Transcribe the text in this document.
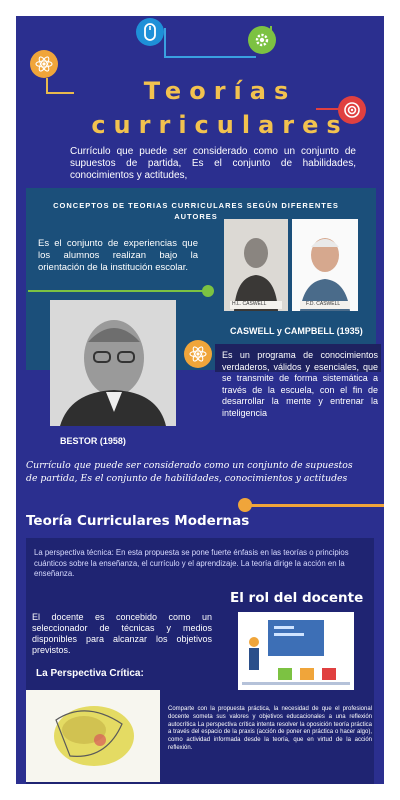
Teorías
curriculares
Currículo que puede ser considerado como un conjunto de supuestos de partida, Es el conjunto de habilidades, conocimientos y actitudes,
CONCEPTOS DE TEORIAS CURRICULARES SEGÚN DIFERENTES AUTORES
Es el conjunto de experiencias que los alumnos realizan bajo la orientación de la institución escolar.
H.L. CASWELL	F.D. CASWELL
CASWELL y CAMPBELL (1935)
BESTOR (1958)
Es un programa de conocimientos verdaderos, válidos y esenciales, que se transmite de forma sistemática a través de la escuela, con el fin de desarrollar la mente y entrenar la inteligencia
Currículo que puede ser considerado como un conjunto de supuestos de partida, Es el conjunto de habilidades, conocimientos y actitudes
Teoría Curriculares Modernas
La perspectiva técnica: En esta propuesta se pone fuerte énfasis en las teorías o principios cuánticos sobre la enseñanza, el currículo y el aprendizaje. La teoría dirige la acción en la enseñanza.
El rol del docente
El docente es concebido como un seleccionador de técnicas y medios disponibles para alcanzar los objetivos previstos.
La Perspectiva Crítica:
Comparte con la propuesta práctica, la necesidad de que el profesional docente someta sus valores y objetivos educacionales a una reflexión autocrítica La perspectiva crítica intenta resolver la oposición teoría práctica a través del espacio de la praxis (acción de poner en práctica o hacer algo), como actividad informada desde la teoría, que en virtud de la acción reflexión.
